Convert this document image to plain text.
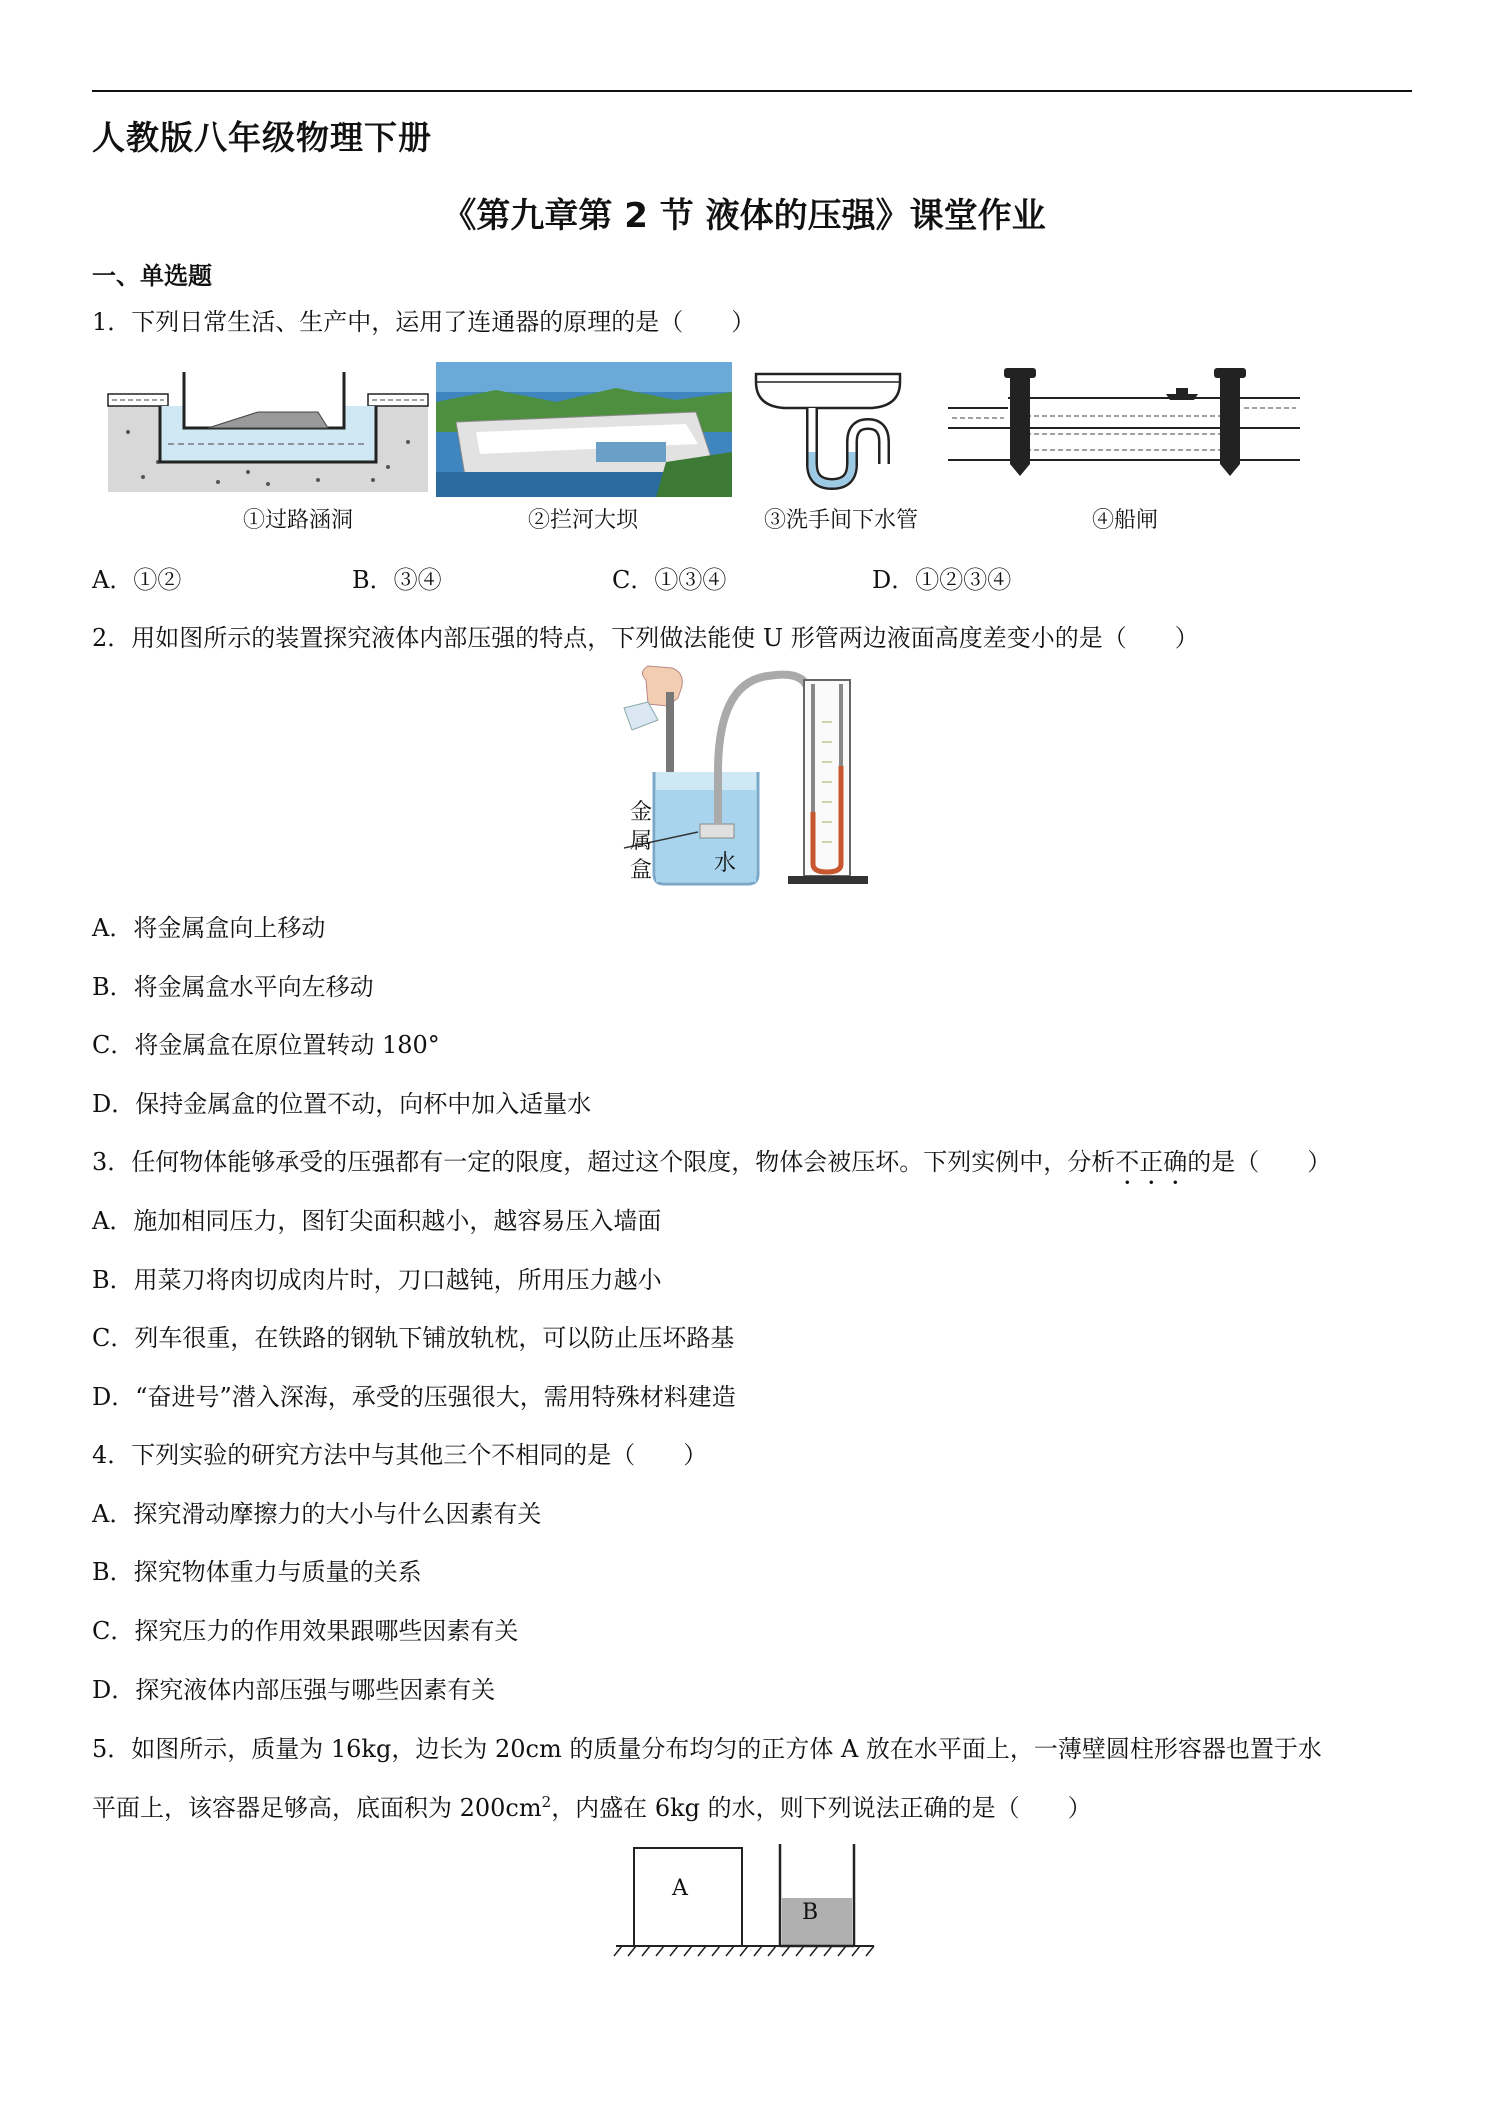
人教版八年级物理下册
《第九章第 2 节 液体的压强》课堂作业
一、单选题
1．下列日常生活、生产中，运用了连通器的原理的是（　　）
①过路涵洞	②拦河大坝	③洗手间下水管	④船闸
A．①②	B．③④	C．①③④	D．①②③④
2．用如图所示的装置探究液体内部压强的特点，下列做法能使 U 形管两边液面高度差变小的是（　　）
金属盒	水
A．将金属盒向上移动
B．将金属盒水平向左移动
C．将金属盒在原位置转动 180°
D．保持金属盒的位置不动，向杯中加入适量水
3．任何物体能够承受的压强都有一定的限度，超过这个限度，物体会被压坏。下列实例中，分析不正确的是（　　）
A．施加相同压力，图钉尖面积越小，越容易压入墙面
B．用菜刀将肉切成肉片时，刀口越钝，所用压力越小
C．列车很重，在铁路的钢轨下铺放轨枕，可以防止压坏路基
D．“奋进号”潜入深海，承受的压强很大，需用特殊材料建造
4．下列实验的研究方法中与其他三个不相同的是（　　）
A．探究滑动摩擦力的大小与什么因素有关
B．探究物体重力与质量的关系
C．探究压力的作用效果跟哪些因素有关
D．探究液体内部压强与哪些因素有关
5．如图所示，质量为 16kg，边长为 20cm 的质量分布均匀的正方体 A 放在水平面上，一薄壁圆柱形容器也置于水
平面上，该容器足够高，底面积为 $200cm^2$，内盛在 6kg 的水，则下列说法正确的是（　　）
A
B
